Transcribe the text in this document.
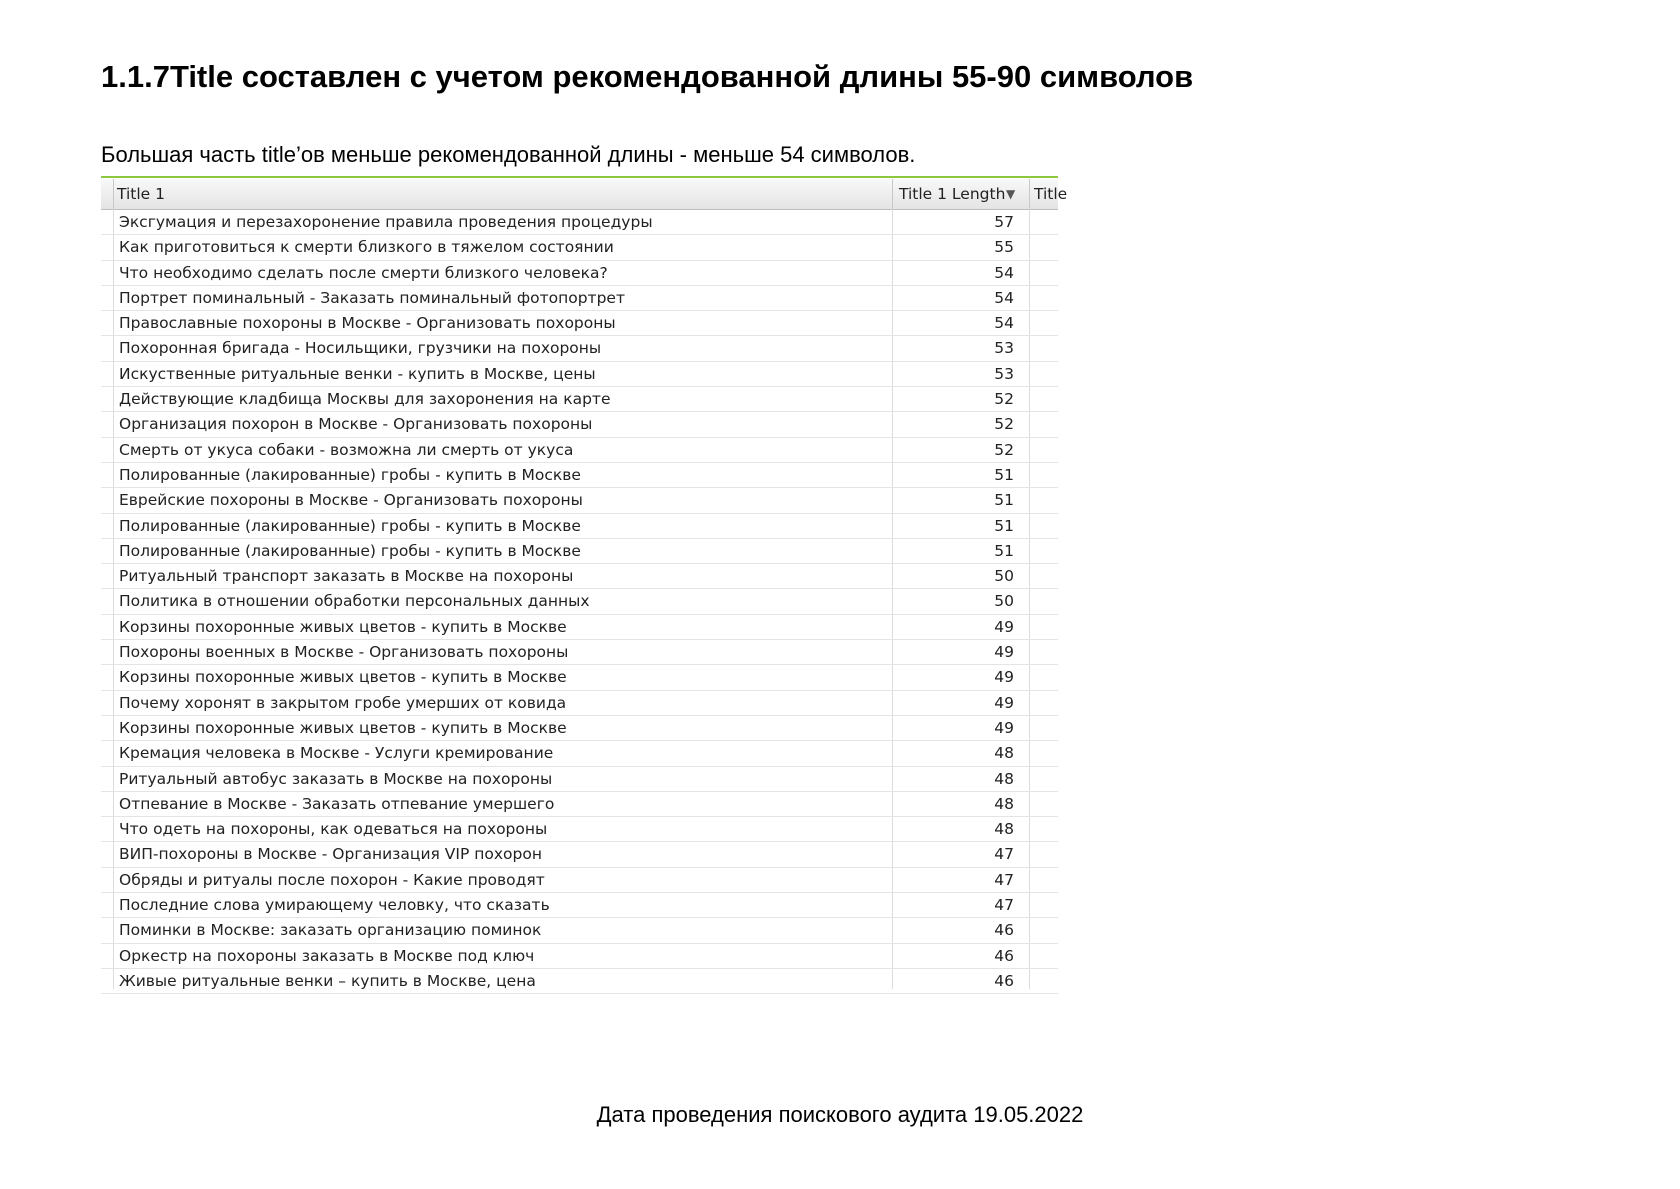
1.1.7Title составлен с учетом рекомендованной длины 55-90 символов

Большая часть title’ов меньше рекомендованной длины - меньше 54 символов.

Title 1	Title 1 Length ▼	Title
Эксгумация и перезахоронение правила проведения процедуры	57
Как приготовиться к смерти близкого в тяжелом состоянии	55
Что необходимо сделать после смерти близкого человека?	54
Портрет поминальный - Заказать поминальный фотопортрет	54
Православные похороны в Москве - Организовать похороны	54
Похоронная бригада - Носильщики, грузчики на похороны	53
Искуственные ритуальные венки - купить в Москве, цены	53
Действующие кладбища Москвы для захоронения на карте	52
Организация похорон в Москве - Организовать похороны	52
Смерть от укуса собаки - возможна ли смерть от укуса	52
Полированные (лакированные) гробы - купить в Москве	51
Еврейские похороны в Москве - Организовать похороны	51
Полированные (лакированные) гробы - купить в Москве	51
Полированные (лакированные) гробы - купить в Москве	51
Ритуальный транспорт заказать в Москве на похороны	50
Политика в отношении обработки персональных данных	50
Корзины похоронные живых цветов - купить в Москве	49
Похороны военных в Москве - Организовать похороны	49
Корзины похоронные живых цветов - купить в Москве	49
Почему хоронят в закрытом гробе умерших от ковида	49
Корзины похоронные живых цветов - купить в Москве	49
Кремация человека в Москве - Услуги кремирование	48
Ритуальный автобус заказать в Москве на похороны	48
Отпевание в Москве - Заказать отпевание умершего	48
Что одеть на похороны, как одеваться на похороны	48
ВИП-похороны в Москве - Организация VIP похорон	47
Обряды и ритуалы после похорон - Какие проводят	47
Последние слова умирающему человку, что сказать	47
Поминки в Москве: заказать организацию поминок	46
Оркестр на похороны заказать в Москве под ключ	46
Живые ритуальные венки – купить в Москве, цена	46

Дата проведения поискового аудита 19.05.2022
